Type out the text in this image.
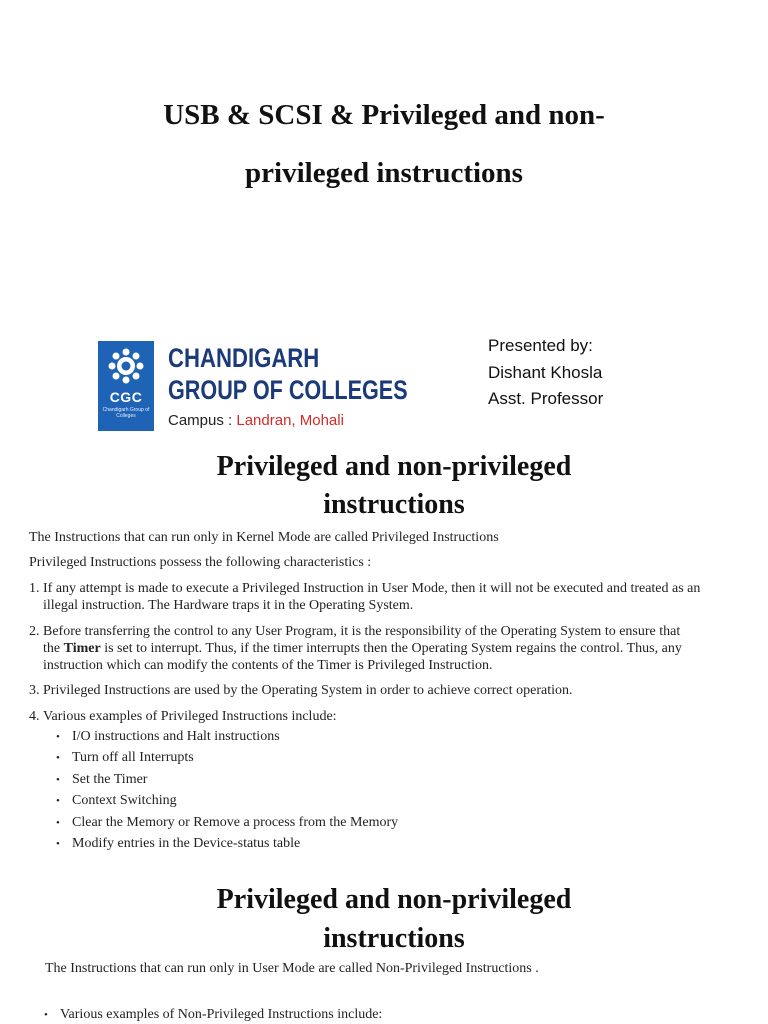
USB & SCSI & Privileged and non-
privileged instructions
CGC
Chandigarh Group of Colleges
CHANDIGARH
GROUP OF COLLEGES
Campus : Landran, Mohali
Presented by:
Dishant Khosla
Asst. Professor
Privileged and non-privileged
instructions
The Instructions that can run only in Kernel Mode are called Privileged Instructions
Privileged Instructions possess the following characteristics :
1. If any attempt is made to execute a Privileged Instruction in User Mode, then it will not be executed and treated as an
illegal instruction. The Hardware traps it in the Operating System.
2. Before transferring the control to any User Program, it is the responsibility of the Operating System to ensure that
the Timer is set to interrupt. Thus, if the timer interrupts then the Operating System regains the control. Thus, any
instruction which can modify the contents of the Timer is Privileged Instruction.
3. Privileged Instructions are used by the Operating System in order to achieve correct operation.
4. Various examples of Privileged Instructions include:
• I/O instructions and Halt instructions
• Turn off all Interrupts
• Set the Timer
• Context Switching
• Clear the Memory or Remove a process from the Memory
• Modify entries in the Device-status table
Privileged and non-privileged
instructions
The Instructions that can run only in User Mode are called Non-Privileged Instructions .
• Various examples of Non-Privileged Instructions include:
